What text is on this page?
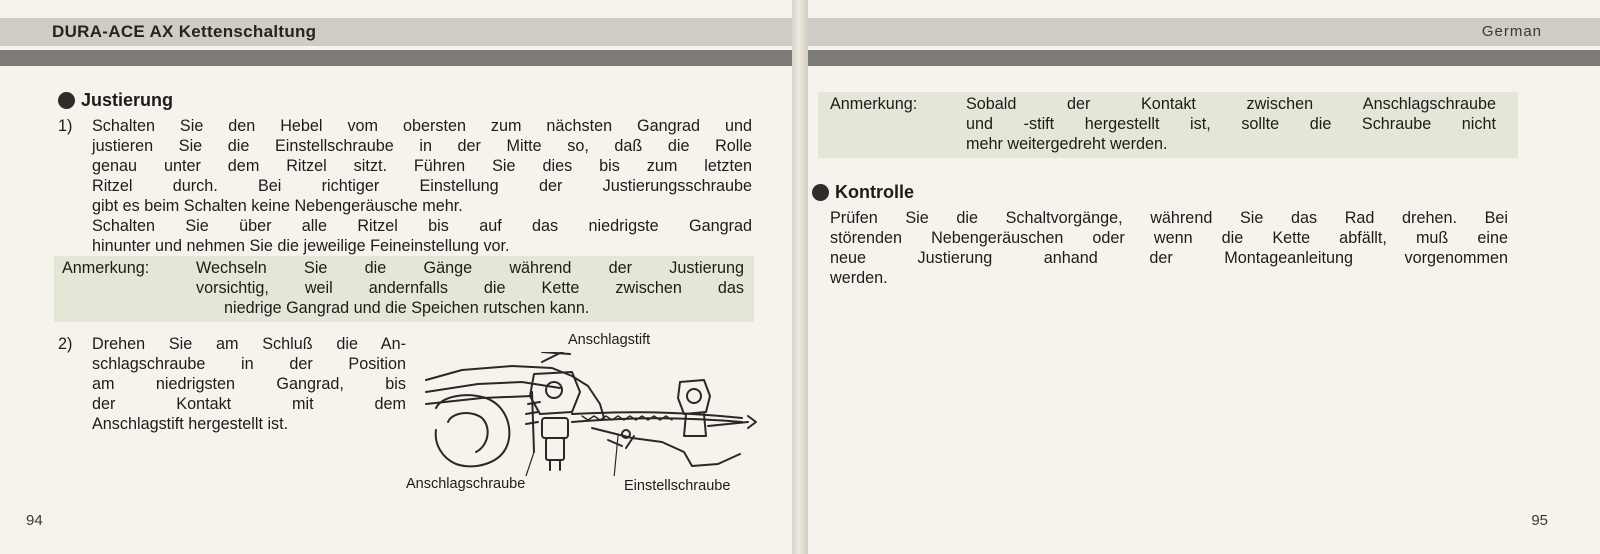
DURA-ACE AX Kettenschaltung
Justierung
1) Schalten Sie den Hebel vom obersten zum nächsten Gangrad und
justieren Sie die Einstellschraube in der Mitte so, daß die Rolle
genau unter dem Ritzel sitzt. Führen Sie dies bis zum letzten
Ritzel durch. Bei richtiger Einstellung der Justierungsschraube
gibt es beim Schalten keine Nebengeräusche mehr.
Schalten Sie über alle Ritzel bis auf das niedrigste Gangrad
hinunter und nehmen Sie die jeweilige Feineinstellung vor.
Anmerkung:	Wechseln Sie die Gänge während der Justierung
vorsichtig, weil andernfalls die Kette zwischen das
niedrige Gangrad und die Speichen rutschen kann.
2) Drehen Sie am Schluß die An-
schlagschraube in der Position
am niedrigsten Gangrad, bis
der Kontakt mit dem
Anschlagstift hergestellt ist.
Anschlagstift
Anschlagschraube	Einstellschraube
94
German
Anmerkung:	Sobald der Kontakt zwischen Anschlagschraube
und -stift hergestellt ist, sollte die Schraube nicht
mehr weitergedreht werden.
Kontrolle
Prüfen Sie die Schaltvorgänge, während Sie das Rad drehen. Bei
störenden Nebengeräuschen oder wenn die Kette abfällt, muß eine
neue Justierung anhand der Montageanleitung vorgenommen
werden.
95
